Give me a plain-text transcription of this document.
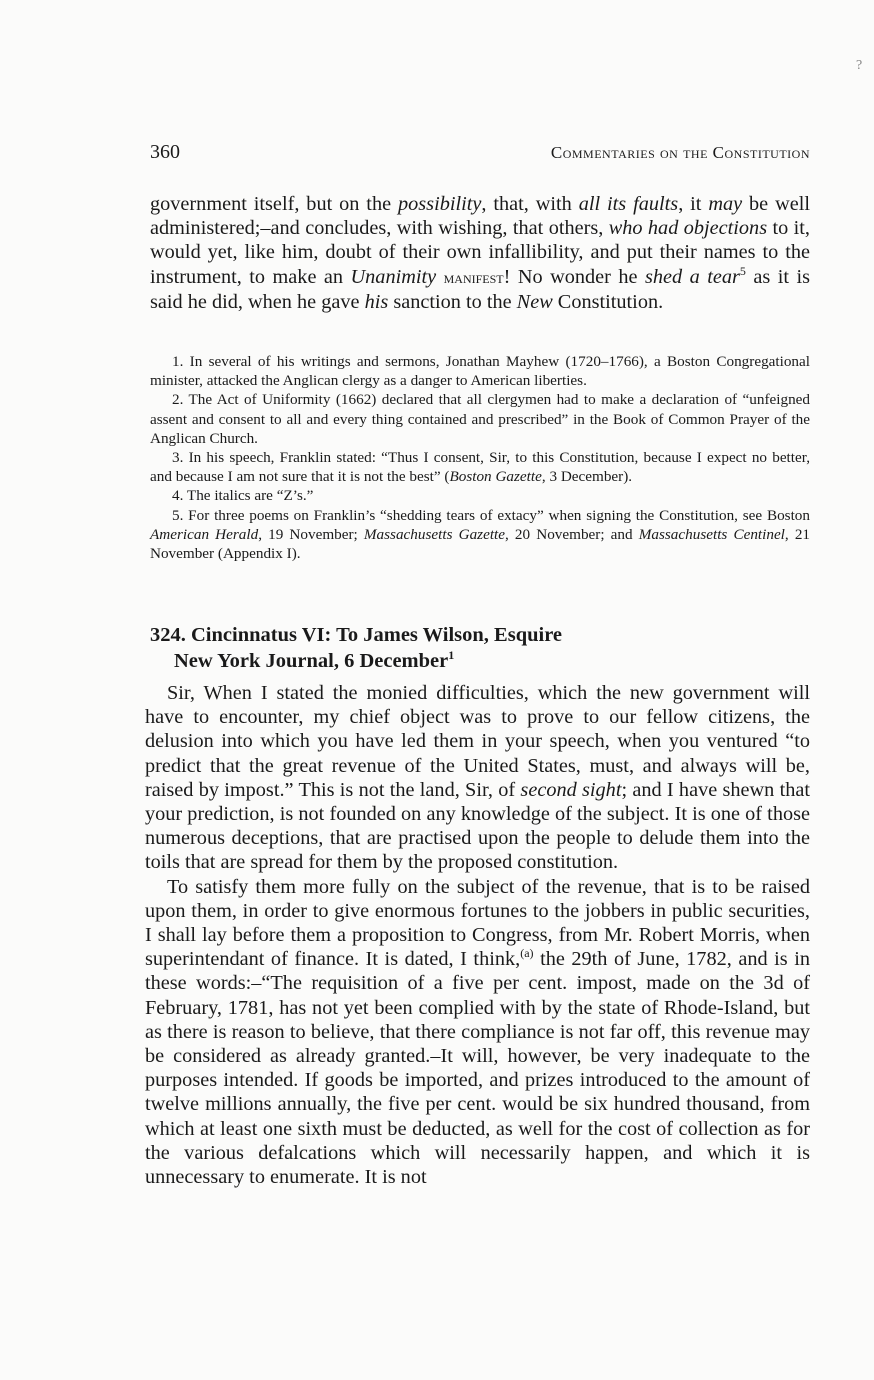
?
360	Commentaries on the Constitution

government itself, but on the possibility, that, with all its faults, it may be well administered;–and concludes, with wishing, that others, who had objections to it, would yet, like him, doubt of their own infallibility, and put their names to the instrument, to make an Unanimity manifest! No wonder he shed a tear$^5$ as it is said he did, when he gave his sanction to the New Constitution.

1. In several of his writings and sermons, Jonathan Mayhew (1720–1766), a Boston Congregational minister, attacked the Anglican clergy as a danger to American liberties.

2. The Act of Uniformity (1662) declared that all clergymen had to make a declaration of “unfeigned assent and consent to all and every thing contained and prescribed” in the Book of Common Prayer of the Anglican Church.

3. In his speech, Franklin stated: “Thus I consent, Sir, to this Constitution, because I expect no better, and because I am not sure that it is not the best” (Boston Gazette, 3 December).

4. The italics are “Z’s.”

5. For three poems on Franklin’s “shedding tears of extacy” when signing the Constitution, see Boston American Herald, 19 November; Massachusetts Gazette, 20 November; and Massachusetts Centinel, 21 November (Appendix I).

324. Cincinnatus VI: To James Wilson, Esquire

New York Journal, 6 December$^1$

Sir, When I stated the monied difficulties, which the new government will have to encounter, my chief object was to prove to our fellow citizens, the delusion into which you have led them in your speech, when you ventured “to predict that the great revenue of the United States, must, and always will be, raised by impost.” This is not the land, Sir, of second sight; and I have shewn that your prediction, is not founded on any knowledge of the subject. It is one of those numerous deceptions, that are practised upon the people to delude them into the toils that are spread for them by the proposed constitution.

To satisfy them more fully on the subject of the revenue, that is to be raised upon them, in order to give enormous fortunes to the jobbers in public securities, I shall lay before them a proposition to Congress, from Mr. Robert Morris, when superintendant of finance. It is dated, I think,$^{(a)}$ the 29th of June, 1782, and is in these words:–“The requisition of a five per cent. impost, made on the 3d of February, 1781, has not yet been complied with by the state of Rhode-Island, but as there is reason to believe, that there compliance is not far off, this revenue may be considered as already granted.–It will, however, be very inadequate to the purposes intended. If goods be imported, and prizes introduced to the amount of twelve millions annually, the five per cent. would be six hundred thousand, from which at least one sixth must be deducted, as well for the cost of collection as for the various defalcations which will necessarily happen, and which it is unnecessary to enumerate. It is not
